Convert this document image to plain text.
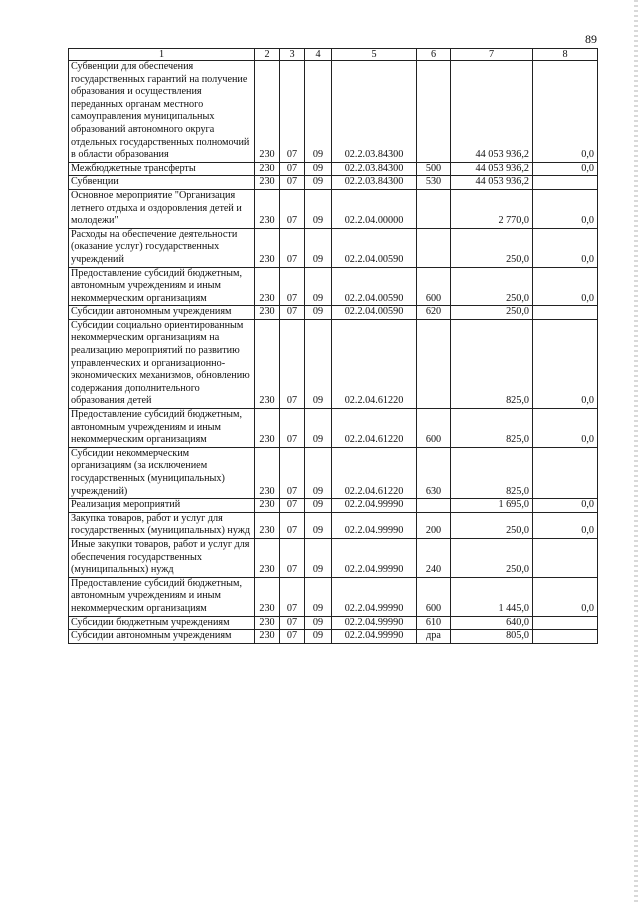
89
1	2	3	4	5	6	7	8
Субвенции для обеспечения государственных гарантий на получение образования и осуществления переданных органам местного самоуправления муниципальных образований автономного округа отдельных государственных полномочий в области образования	230	07	09	02.2.03.84300		44 053 936,2	0,0
Межбюджетные трансферты	230	07	09	02.2.03.84300	500	44 053 936,2	0,0
Субвенции	230	07	09	02.2.03.84300	530	44 053 936,2	
Основное мероприятие "Организация летнего отдыха и оздоровления детей и молодежи"	230	07	09	02.2.04.00000		2 770,0	0,0
Расходы на обеспечение деятельности (оказание услуг) государственных учреждений	230	07	09	02.2.04.00590		250,0	0,0
Предоставление субсидий бюджетным, автономным учреждениям и иным некоммерческим организациям	230	07	09	02.2.04.00590	600	250,0	0,0
Субсидии автономным учреждениям	230	07	09	02.2.04.00590	620	250,0	
Субсидии социально ориентированным некоммерческим организациям на реализацию мероприятий по развитию управленческих и организационно-экономических механизмов, обновлению содержания дополнительного образования детей	230	07	09	02.2.04.61220		825,0	0,0
Предоставление субсидий бюджетным, автономным учреждениям и иным некоммерческим организациям	230	07	09	02.2.04.61220	600	825,0	0,0
Субсидии некоммерческим организациям (за исключением государственных (муниципальных) учреждений)	230	07	09	02.2.04.61220	630	825,0	
Реализация мероприятий	230	07	09	02.2.04.99990		1 695,0	0,0
Закупка товаров, работ и услуг для государственных (муниципальных) нужд	230	07	09	02.2.04.99990	200	250,0	0,0
Иные закупки товаров, работ и услуг для обеспечения государственных (муниципальных) нужд	230	07	09	02.2.04.99990	240	250,0	
Предоставление субсидий бюджетным, автономным учреждениям и иным некоммерческим организациям	230	07	09	02.2.04.99990	600	1 445,0	0,0
Субсидии бюджетным учреждениям	230	07	09	02.2.04.99990	610	640,0	
Субсидии автономным учреждениям	230	07	09	02.2.04.99990	дра	805,0	
